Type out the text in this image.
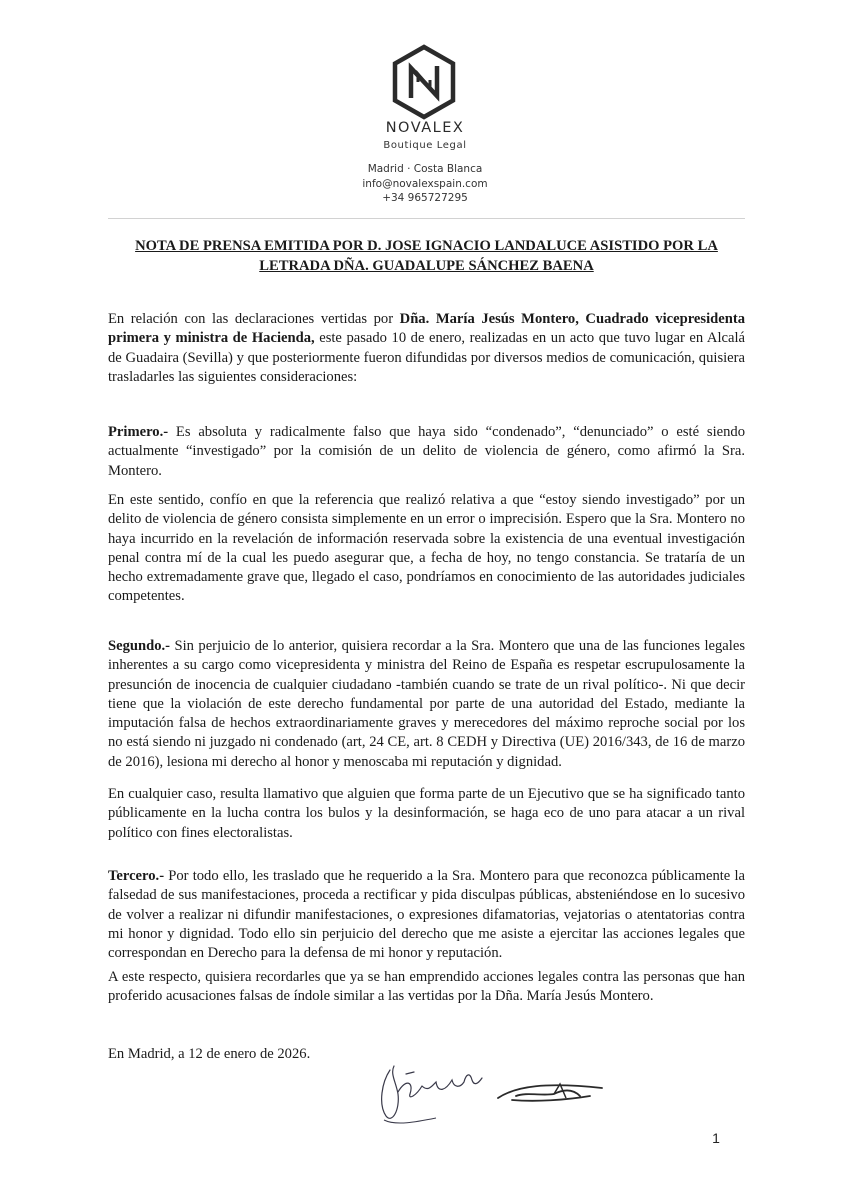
NOVALEX
Boutique Legal
Madrid · Costa Blanca
info@novalexspain.com
+34 965727295
NOTA DE PRENSA EMITIDA POR D. JOSE IGNACIO LANDALUCE ASISTIDO POR LA
LETRADA DÑA. GUADALUPE SÁNCHEZ BAENA

En relación con las declaraciones vertidas por Dña. María Jesús Montero, Cuadrado vicepresidenta primera y ministra de Hacienda, este pasado 10 de enero, realizadas en un acto que tuvo lugar en Alcalá de Guadaira (Sevilla) y que posteriormente fueron difundidas por diversos medios de comunicación, quisiera trasladarles las siguientes consideraciones:

Primero.- Es absoluta y radicalmente falso que haya sido “condenado”, “denunciado” o esté siendo actualmente “investigado” por la comisión de un delito de violencia de género, como afirmó la Sra. Montero.

En este sentido, confío en que la referencia que realizó relativa a que “estoy siendo investigado” por un delito de violencia de género consista simplemente en un error o imprecisión. Espero que la Sra. Montero no haya incurrido en la revelación de información reservada sobre la existencia de una eventual investigación penal contra mí de la cual les puedo asegurar que, a fecha de hoy, no tengo constancia. Se trataría de un hecho extremadamente grave que, llegado el caso, pondríamos en conocimiento de las autoridades judiciales competentes.

Segundo.- Sin perjuicio de lo anterior, quisiera recordar a la Sra. Montero que una de las funciones legales inherentes a su cargo como vicepresidenta y ministra del Reino de España es respetar escrupulosamente la presunción de inocencia de cualquier ciudadano -también cuando se trate de un rival político-. Ni que decir tiene que la violación de este derecho fundamental por parte de una autoridad del Estado, mediante la imputación falsa de hechos extraordinariamente graves y merecedores del máximo reproche social por los no está siendo ni juzgado ni condenado (art, 24 CE, art. 8 CEDH y Directiva (UE) 2016/343, de 16 de marzo de 2016), lesiona mi derecho al honor y menoscaba mi reputación y dignidad.

En cualquier caso, resulta llamativo que alguien que forma parte de un Ejecutivo que se ha significado tanto públicamente en la lucha contra los bulos y la desinformación, se haga eco de uno para atacar a un rival político con fines electoralistas.

Tercero.- Por todo ello, les traslado que he requerido a la Sra. Montero para que reconozca públicamente la falsedad de sus manifestaciones, proceda a rectificar y pida disculpas públicas, absteniéndose en lo sucesivo de volver a realizar ni difundir manifestaciones, o expresiones difamatorias, vejatorias o atentatorias contra mi honor y dignidad. Todo ello sin perjuicio del derecho que me asiste a ejercitar las acciones legales que correspondan en Derecho para la defensa de mi honor y reputación.

A este respecto, quisiera recordarles que ya se han emprendido acciones legales contra las personas que han proferido acusaciones falsas de índole similar a las vertidas por la Dña. María Jesús Montero.

En Madrid, a 12 de enero de 2026.

1
